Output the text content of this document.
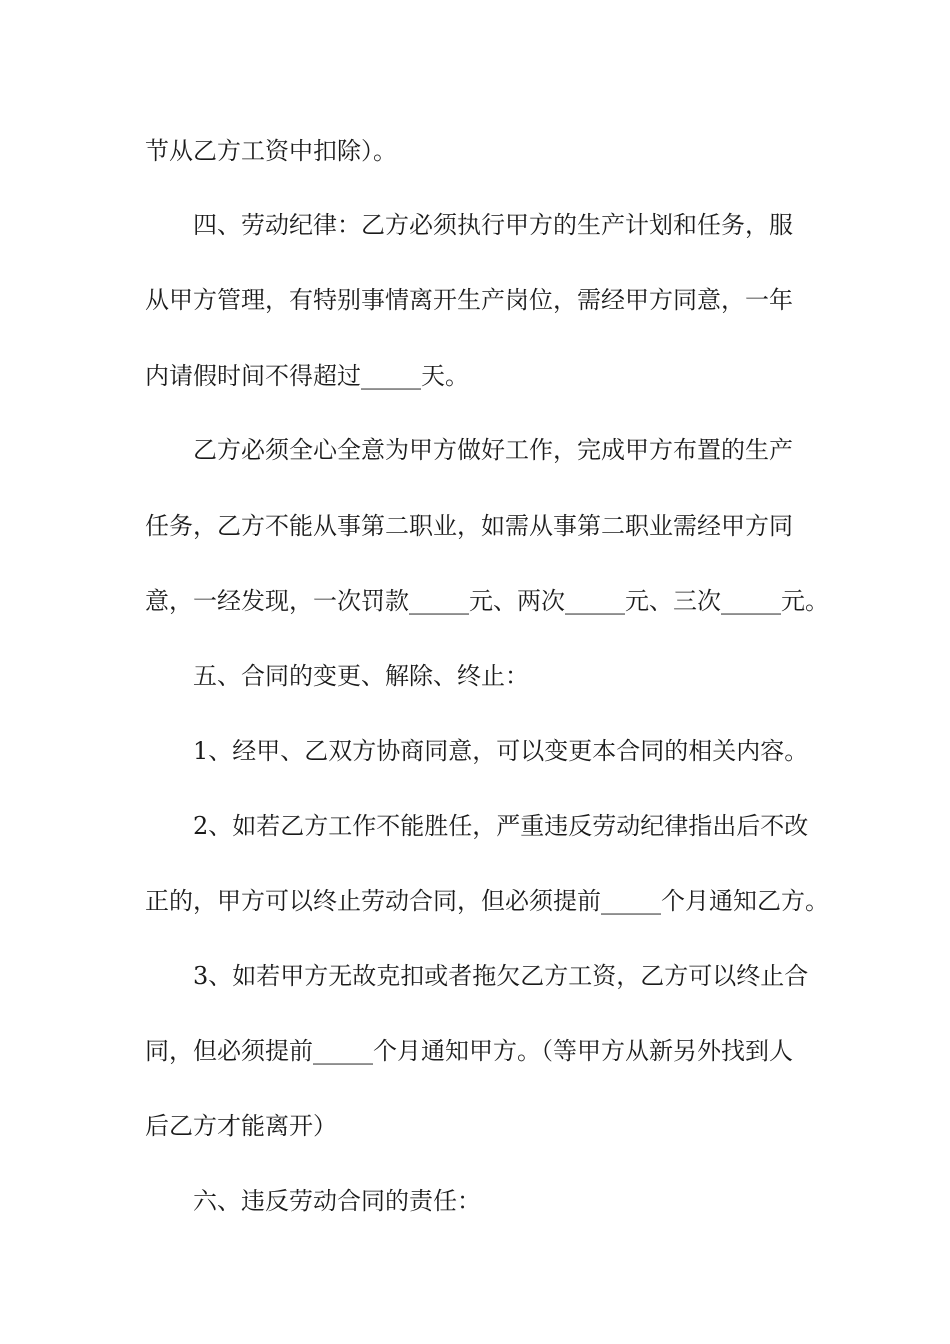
节从乙方工资中扣除）。
四、劳动纪律：乙方必须执行甲方的生产计划和任务，服
从甲方管理，有特别事情离开生产岗位，需经甲方同意，一年
内请假时间不得超过_____天。
乙方必须全心全意为甲方做好工作，完成甲方布置的生产
任务，乙方不能从事第二职业，如需从事第二职业需经甲方同
意，一经发现，一次罚款_____元、两次_____元、三次_____元。
五、合同的变更、解除、终止：
1、经甲、乙双方协商同意，可以变更本合同的相关内容。
2、如若乙方工作不能胜任，严重违反劳动纪律指出后不改
正的，甲方可以终止劳动合同，但必须提前_____个月通知乙方。
3、如若甲方无故克扣或者拖欠乙方工资，乙方可以终止合
同，但必须提前_____个月通知甲方。（等甲方从新另外找到人
后乙方才能离开）
六、违反劳动合同的责任：
